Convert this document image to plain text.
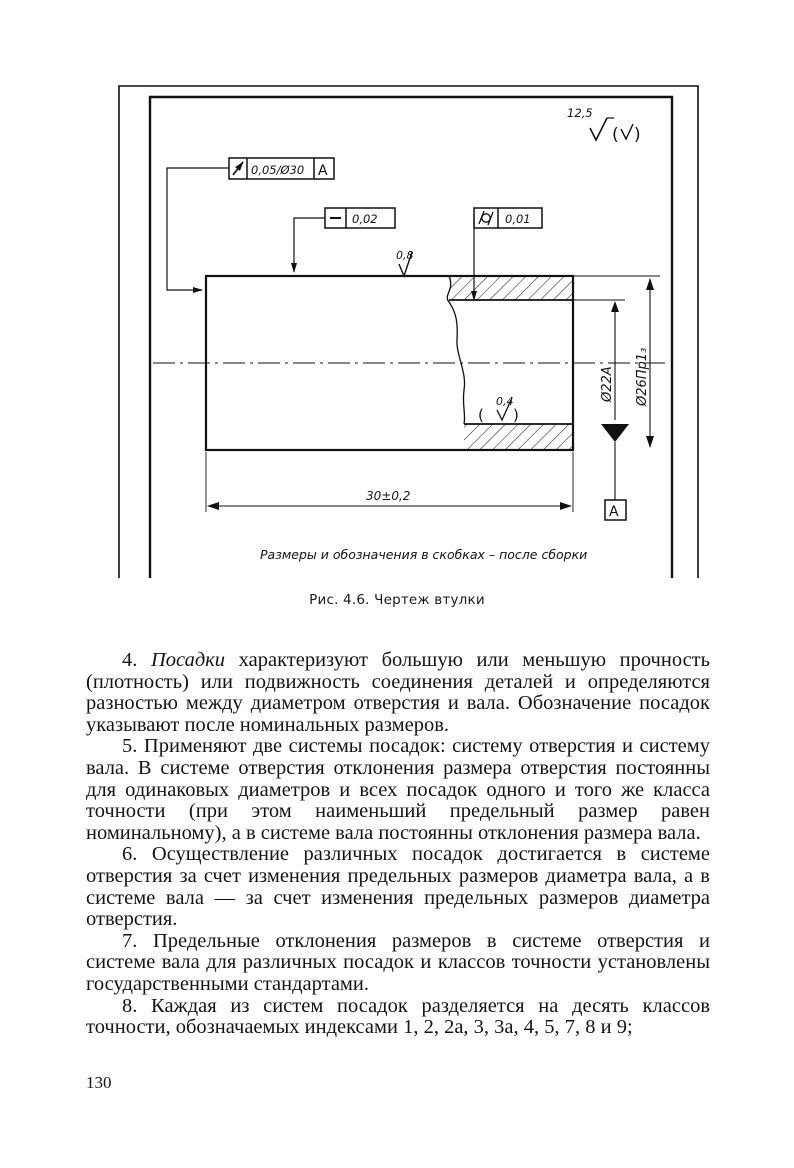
12,5
( )
0,05/Ø30 A
0,02	0,01
0,8
0,4
( )
Ø22A Ø26Пр1₃
A
30±0,2
Размеры и обозначения в скобках – после сборки
Рис. 4.6. Чертеж втулки

4. Посадки характеризуют большую или меньшую прочность (плотность) или подвижность соединения деталей и определяются разностью между диаметром отверстия и вала. Обозначение посадок указывают после номинальных размеров.

5. Применяют две системы посадок: систему отверстия и систему вала. В системе отверстия отклонения размера отверстия постоянны для одинаковых диаметров и всех посадок одного и того же класса точности (при этом наименьший предельный размер равен номинальному), а в системе вала постоянны отклонения размера вала.

6. Осуществление различных посадок достигается в системе отверстия за счет изменения предельных размеров диаметра вала, а в системе вала — за счет изменения предельных размеров диаметра отверстия.

7. Предельные отклонения размеров в системе отверстия и системе вала для различных посадок и классов точности установлены государственными стандартами.

8. Каждая из систем посадок разделяется на десять классов точности, обозначаемых индексами 1, 2, 2а, 3, 3а, 4, 5, 7, 8 и 9;

130
